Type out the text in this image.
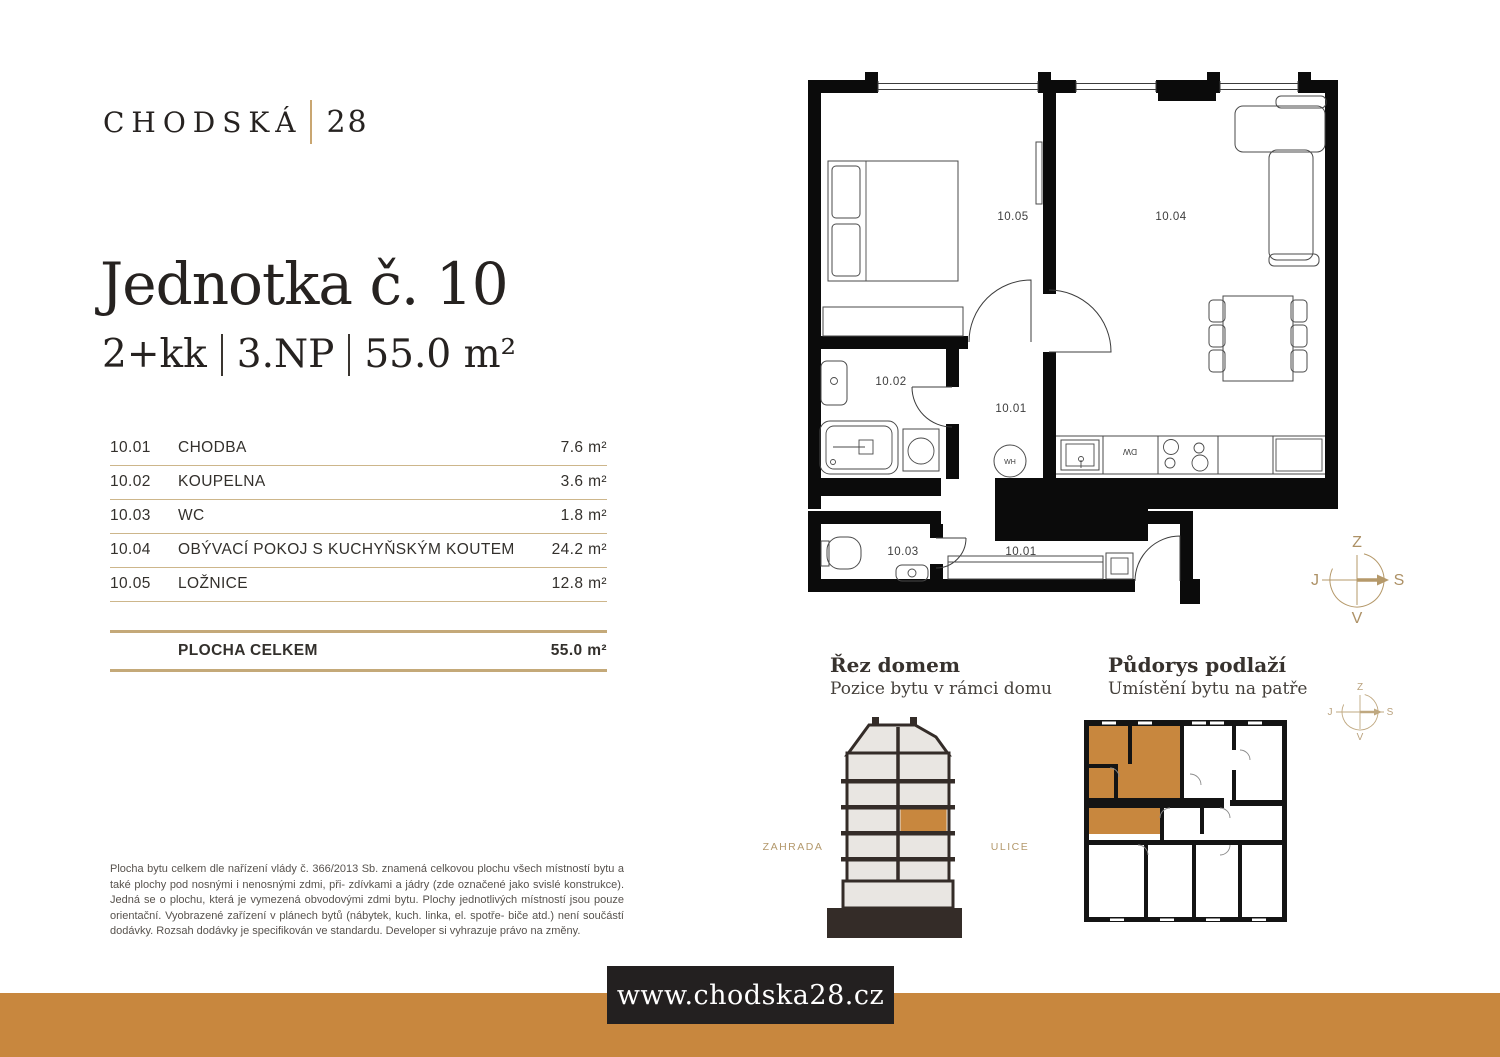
CHODSKÁ 28
Jednotka č. 10
2+kk 3.NP 55.0 m²
10.01	CHODBA	7.6 m²
10.02	KOUPELNA	3.6 m²
10.03	WC	1.8 m²
10.04	OBÝVACÍ POKOJ S KUCHYŇSKÝM KOUTEM	24.2 m²
10.05	LOŽNICE	12.8 m²
PLOCHA CELKEM	55.0 m²
10.05	10.04
10.02
10.01
10.03	10.01
WH
DW
Z
J	S
V
Řez domem
Pozice bytu v rámci domu
ZAHRADA	ULICE
Půdorys podlaží
Umístění bytu na patře	Z
J	S
V
Plocha bytu celkem dle nařízení vlády č. 366/2013 Sb. znamená celkovou plochu všech místností bytu a také plochy pod nosnými i nenosnými zdmi, při- zdívkami a jádry (zde označené jako svislé konstrukce). Jedná se o plochu, která je vymezená obvodovými zdmi bytu. Plochy jednotlivých místností jsou pouze orientační. Vyobrazené zařízení v plánech bytů (nábytek, kuch. linka, el. spotře- biče atd.) není součástí dodávky. Rozsah dodávky je specifikován ve standardu. Developer si vyhrazuje právo na změny.
www.chodska28.cz
